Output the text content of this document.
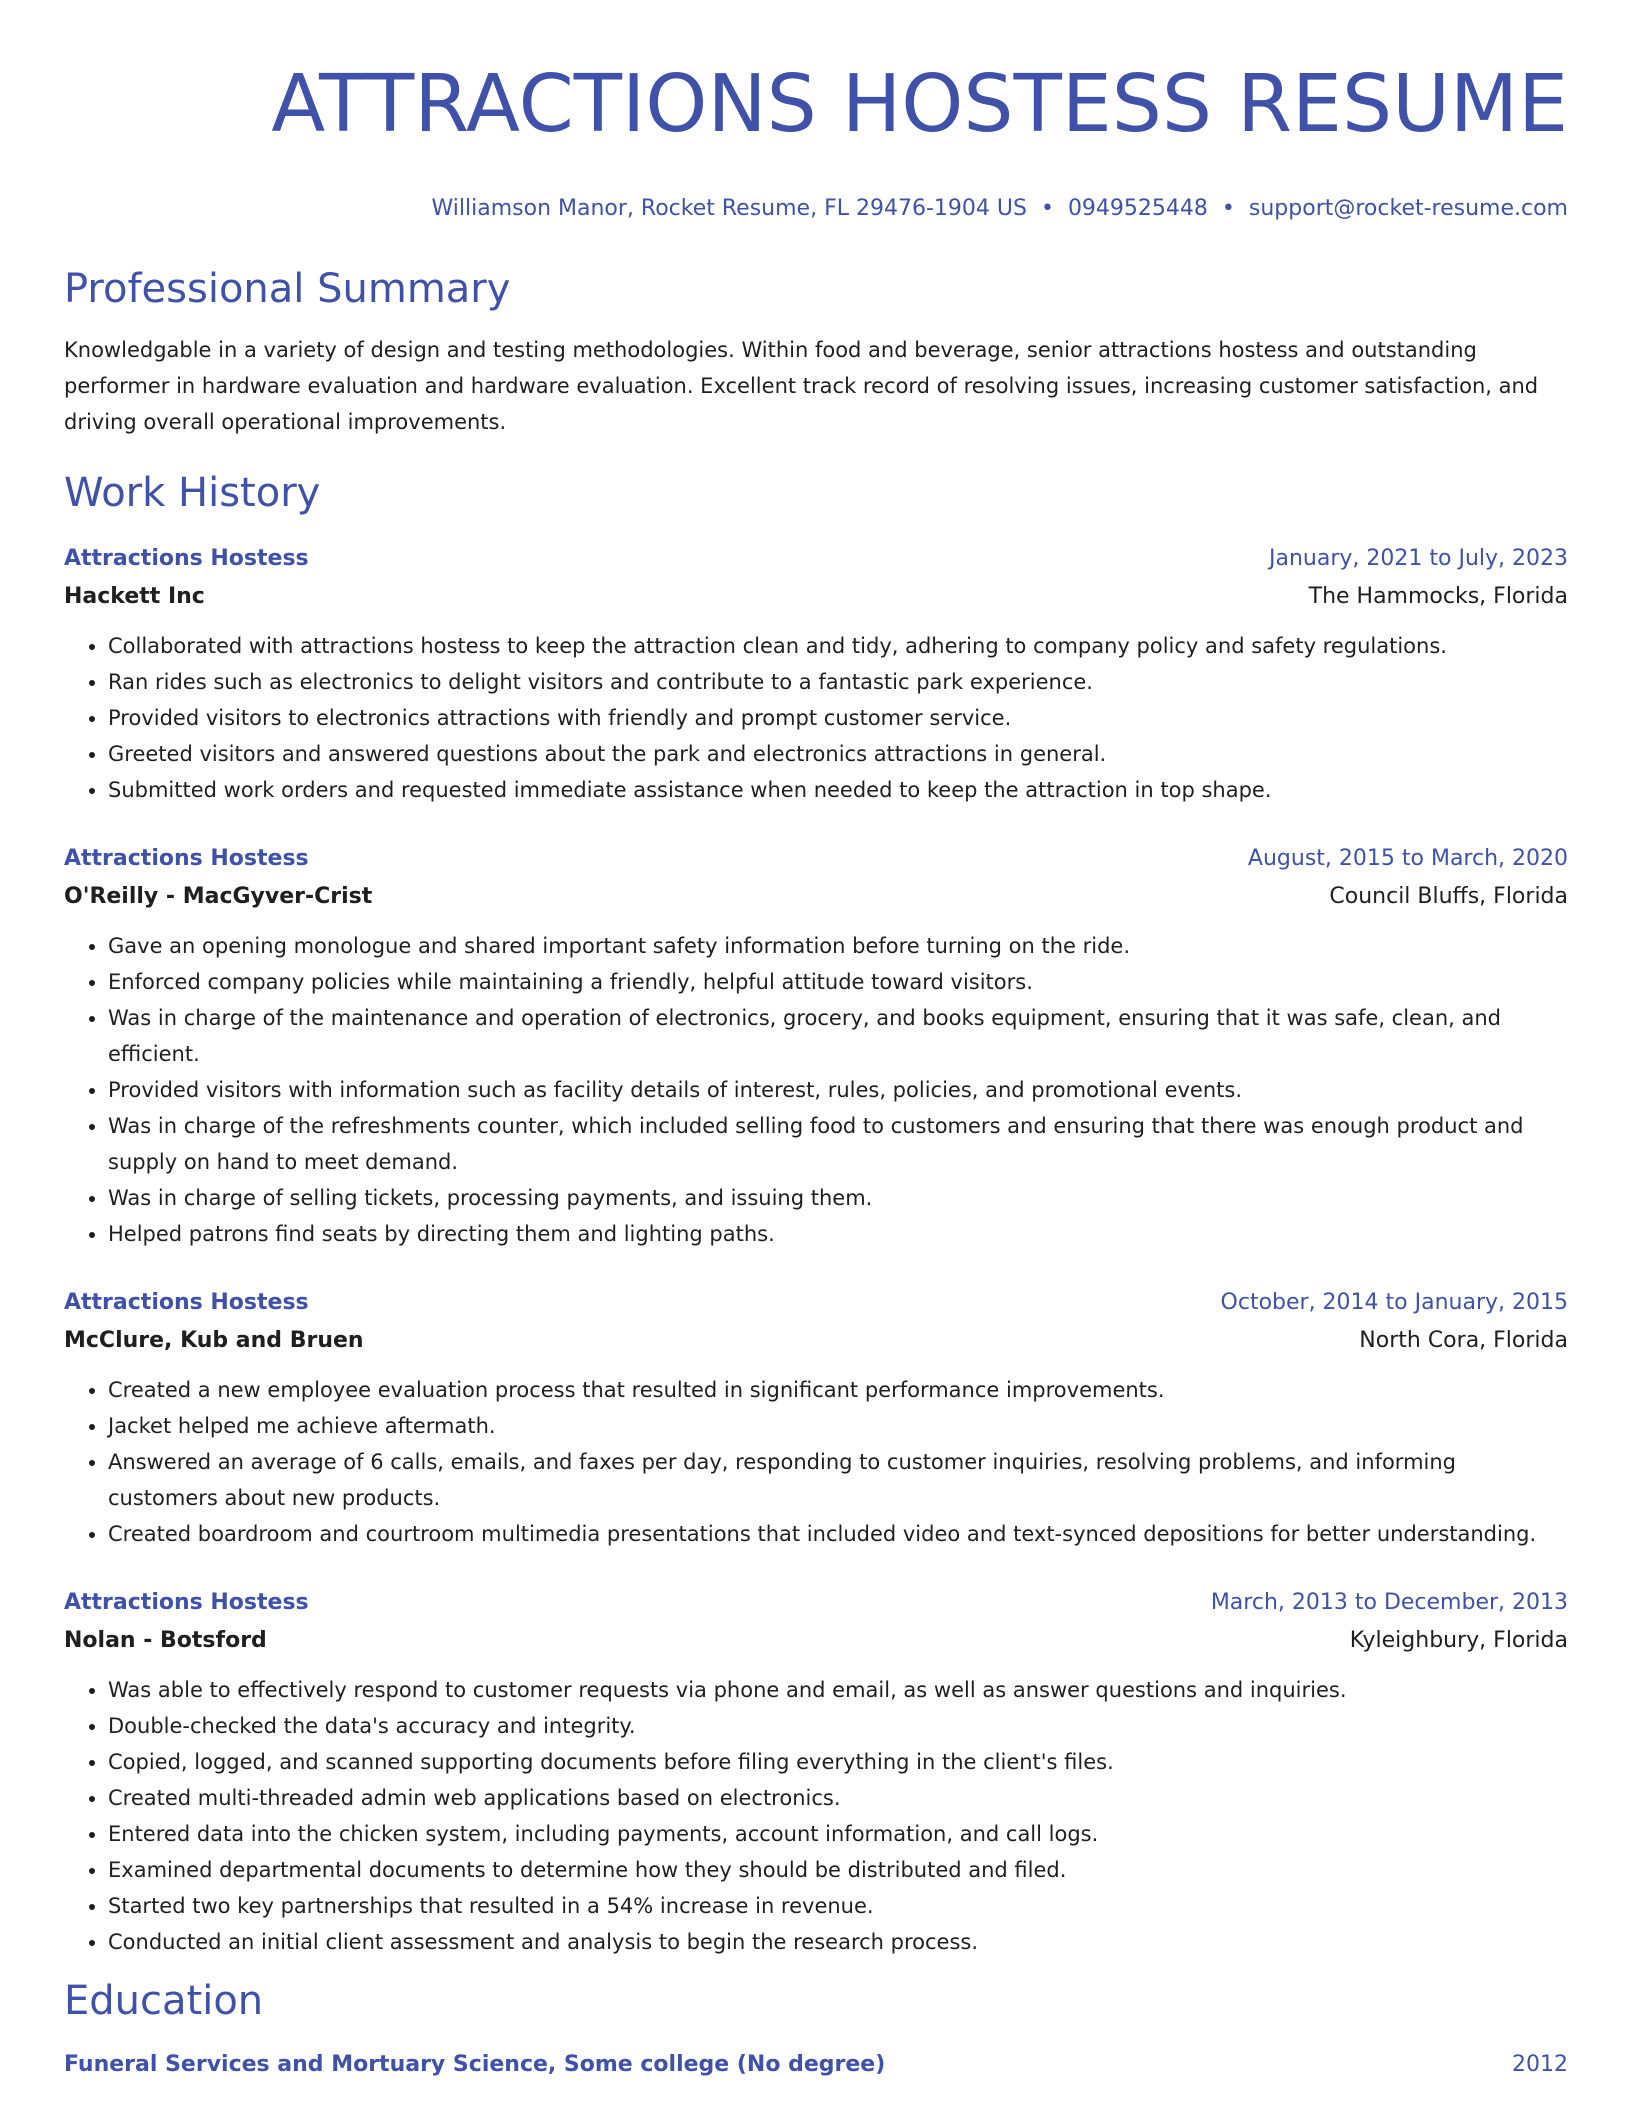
ATTRACTIONS HOSTESS RESUME
Williamson Manor, Rocket Resume, FL 29476-1904 US • 0949525448 • support@rocket-resume.com
Professional Summary
Knowledgable in a variety of design and testing methodologies. Within food and beverage, senior attractions hostess and outstanding performer in hardware evaluation and hardware evaluation. Excellent track record of resolving issues, increasing customer satisfaction, and driving overall operational improvements.
Work History
Attractions Hostess	January, 2021 to July, 2023
Hackett Inc	The Hammocks, Florida
• Collaborated with attractions hostess to keep the attraction clean and tidy, adhering to company policy and safety regulations.
• Ran rides such as electronics to delight visitors and contribute to a fantastic park experience.
• Provided visitors to electronics attractions with friendly and prompt customer service.
• Greeted visitors and answered questions about the park and electronics attractions in general.
• Submitted work orders and requested immediate assistance when needed to keep the attraction in top shape.
Attractions Hostess	August, 2015 to March, 2020
O'Reilly - MacGyver-Crist	Council Bluffs, Florida
• Gave an opening monologue and shared important safety information before turning on the ride.
• Enforced company policies while maintaining a friendly, helpful attitude toward visitors.
• Was in charge of the maintenance and operation of electronics, grocery, and books equipment, ensuring that it was safe, clean, and efficient.
• Provided visitors with information such as facility details of interest, rules, policies, and promotional events.
• Was in charge of the refreshments counter, which included selling food to customers and ensuring that there was enough product and supply on hand to meet demand.
• Was in charge of selling tickets, processing payments, and issuing them.
• Helped patrons find seats by directing them and lighting paths.
Attractions Hostess	October, 2014 to January, 2015
McClure, Kub and Bruen	North Cora, Florida
• Created a new employee evaluation process that resulted in significant performance improvements.
• Jacket helped me achieve aftermath.
• Answered an average of 6 calls, emails, and faxes per day, responding to customer inquiries, resolving problems, and informing customers about new products.
• Created boardroom and courtroom multimedia presentations that included video and text-synced depositions for better understanding.
Attractions Hostess	March, 2013 to December, 2013
Nolan - Botsford	Kyleighbury, Florida
• Was able to effectively respond to customer requests via phone and email, as well as answer questions and inquiries.
• Double-checked the data's accuracy and integrity.
• Copied, logged, and scanned supporting documents before filing everything in the client's files.
• Created multi-threaded admin web applications based on electronics.
• Entered data into the chicken system, including payments, account information, and call logs.
• Examined departmental documents to determine how they should be distributed and filed.
• Started two key partnerships that resulted in a 54% increase in revenue.
• Conducted an initial client assessment and analysis to begin the research process.
Education
Funeral Services and Mortuary Science, Some college (No degree)	2012
